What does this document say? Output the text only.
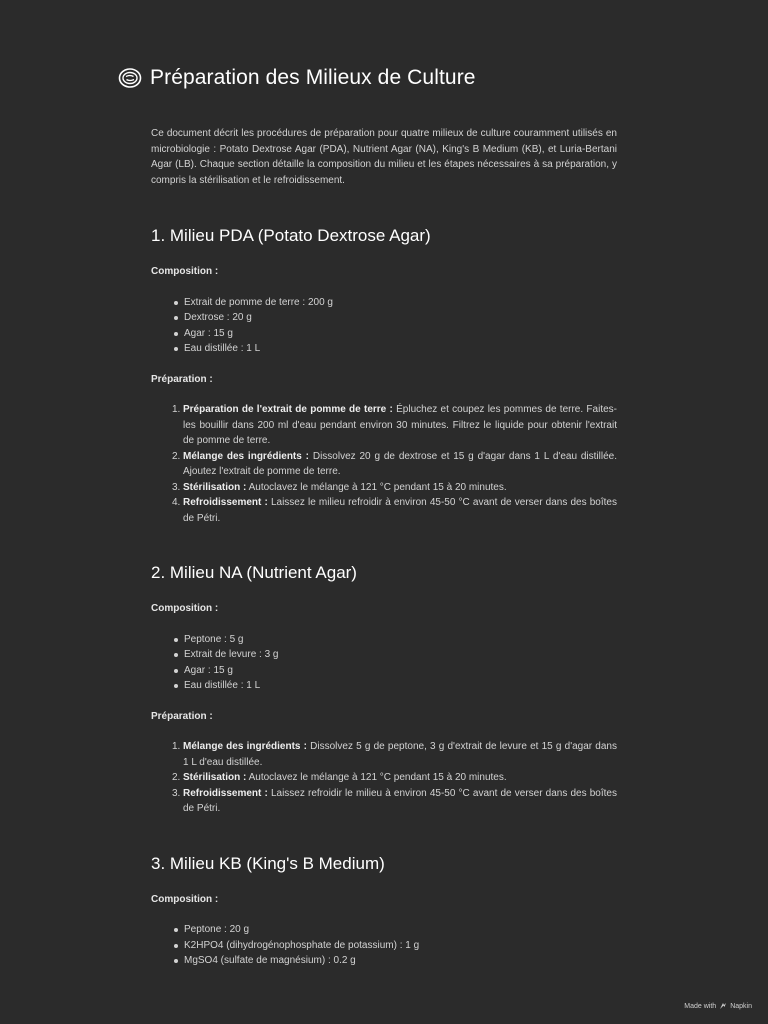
Préparation des Milieux de Culture

Ce document décrit les procédures de préparation pour quatre milieux de culture couramment utilisés en microbiologie : Potato Dextrose Agar (PDA), Nutrient Agar (NA), King's B Medium (KB), et Luria-Bertani Agar (LB). Chaque section détaille la composition du milieu et les étapes nécessaires à sa préparation, y compris la stérilisation et le refroidissement.

1. Milieu PDA (Potato Dextrose Agar)

Composition :

Extrait de pomme de terre : 200 g
Dextrose : 20 g
Agar : 15 g
Eau distillée : 1 L

Préparation :

1. Préparation de l'extrait de pomme de terre : Épluchez et coupez les pommes de terre. Faites-les bouillir dans 200 ml d'eau pendant environ 30 minutes. Filtrez le liquide pour obtenir l'extrait de pomme de terre.
2. Mélange des ingrédients : Dissolvez 20 g de dextrose et 15 g d'agar dans 1 L d'eau distillée. Ajoutez l'extrait de pomme de terre.
3. Stérilisation : Autoclavez le mélange à 121 °C pendant 15 à 20 minutes.
4. Refroidissement : Laissez le milieu refroidir à environ 45-50 °C avant de verser dans des boîtes de Pétri.
2. Milieu NA (Nutrient Agar)

Composition :

Peptone : 5 g
Extrait de levure : 3 g
Agar : 15 g
Eau distillée : 1 L

Préparation :

1. Mélange des ingrédients : Dissolvez 5 g de peptone, 3 g d'extrait de levure et 15 g d'agar dans 1 L d'eau distillée.
2. Stérilisation : Autoclavez le mélange à 121 °C pendant 15 à 20 minutes.
3. Refroidissement : Laissez refroidir le milieu à environ 45-50 °C avant de verser dans des boîtes de Pétri.
3. Milieu KB (King's B Medium)

Composition :

Peptone : 20 g
K2HPO4 (dihydrogénophosphate de potassium) : 1 g
MgSO4 (sulfate de magnésium) : 0.2 g
Made with Napkin
